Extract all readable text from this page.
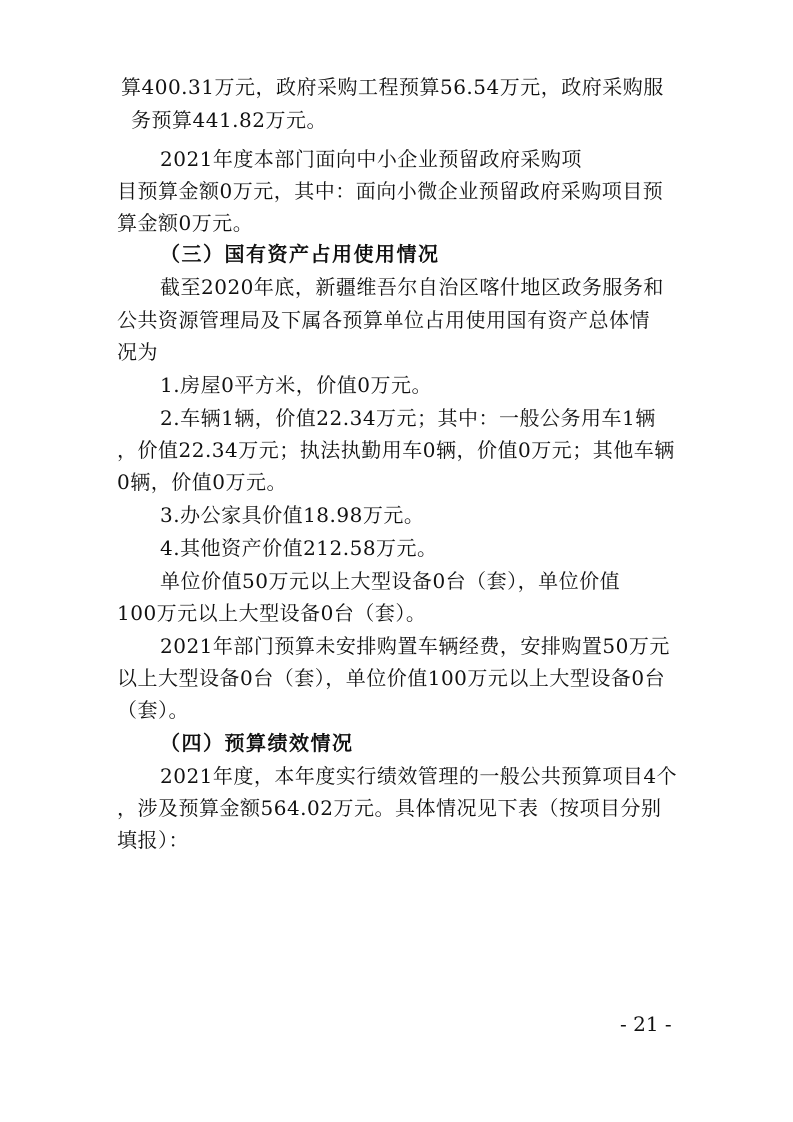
算400.31万元，政府采购工程预算56.54万元，政府采购服
务预算441.82万元。
2021年度本部门面向中小企业预留政府采购项
目预算金额0万元，其中：面向小微企业预留政府采购项目预
算金额0万元。
（三）国有资产占用使用情况
截至2020年底，新疆维吾尔自治区喀什地区政务服务和
公共资源管理局及下属各预算单位占用使用国有资产总体情
况为
1.房屋0平方米，价值0万元。
2.车辆1辆，价值22.34万元；其中：一般公务用车1辆
，价值22.34万元；执法执勤用车0辆，价值0万元；其他车辆
0辆，价值0万元。
3.办公家具价值18.98万元。
4.其他资产价值212.58万元。
单位价值50万元以上大型设备0台（套），单位价值
100万元以上大型设备0台（套）。
2021年部门预算未安排购置车辆经费，安排购置50万元
以上大型设备0台（套），单位价值100万元以上大型设备0台
（套）。
（四）预算绩效情况
2021年度，本年度实行绩效管理的一般公共预算项目4个
，涉及预算金额564.02万元。具体情况见下表（按项目分别
填报）：
- 21 -
